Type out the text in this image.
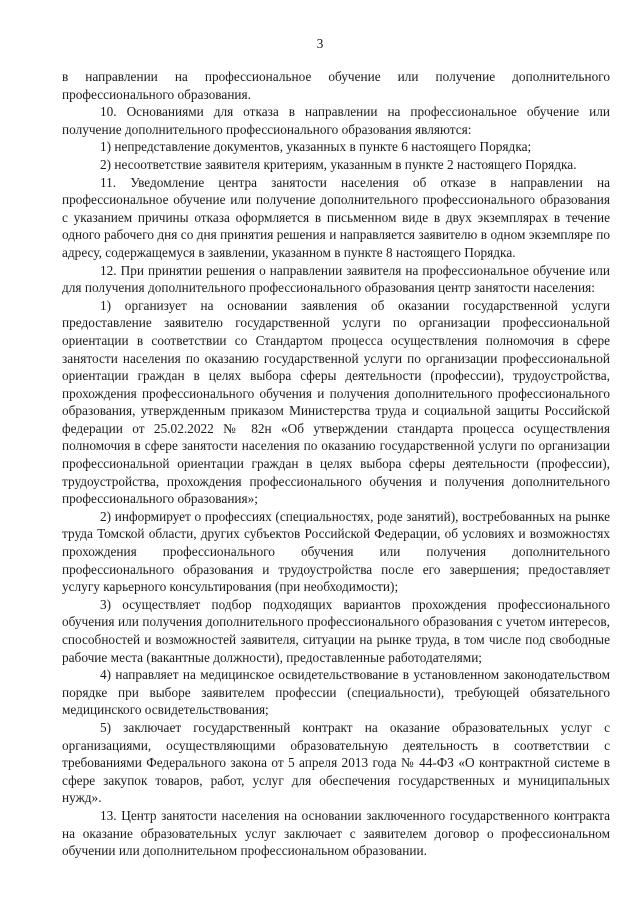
3

в направлении на профессиональное обучение или получение дополнительного профессионального образования.

10. Основаниями для отказа в направлении на профессиональное обучение или получение дополнительного профессионального образования являются:

1) непредставление документов, указанных в пункте 6 настоящего Порядка;

2) несоответствие заявителя критериям, указанным в пункте 2 настоящего Порядка.

11. Уведомление центра занятости населения об отказе в направлении на профессиональное обучение или получение дополнительного профессионального образования с указанием причины отказа оформляется в письменном виде в двух экземплярах в течение одного рабочего дня со дня принятия решения и направляется заявителю в одном экземпляре по адресу, содержащемуся в заявлении, указанном в пункте 8 настоящего Порядка.

12. При принятии решения о направлении заявителя на профессиональное обучение или для получения дополнительного профессионального образования центр занятости населения:

1) организует на основании заявления об оказании государственной услуги предоставление заявителю государственной услуги по организации профессиональной ориентации в соответствии со Стандартом процесса осуществления полномочия в сфере занятости населения по оказанию государственной услуги по организации профессиональной ориентации граждан в целях выбора сферы деятельности (профессии), трудоустройства, прохождения профессионального обучения и получения дополнительного профессионального образования, утвержденным приказом Министерства труда и социальной защиты Российской федерации от 25.02.2022 № 82н «Об утверждении стандарта процесса осуществления полномочия в сфере занятости населения по оказанию государственной услуги по организации профессиональной ориентации граждан в целях выбора сферы деятельности (профессии), трудоустройства, прохождения профессионального обучения и получения дополнительного профессионального образования»;

2) информирует о профессиях (специальностях, роде занятий), востребованных на рынке труда Томской области, других субъектов Российской Федерации, об условиях и возможностях прохождения профессионального обучения или получения дополнительного профессионального образования и трудоустройства после его завершения; предоставляет услугу карьерного консультирования (при необходимости);

3) осуществляет подбор подходящих вариантов прохождения профессионального обучения или получения дополнительного профессионального образования с учетом интересов, способностей и возможностей заявителя, ситуации на рынке труда, в том числе под свободные рабочие места (вакантные должности), предоставленные работодателями;

4) направляет на медицинское освидетельствование в установленном законодательством порядке при выборе заявителем профессии (специальности), требующей обязательного медицинского освидетельствования;

5) заключает государственный контракт на оказание образовательных услуг с организациями, осуществляющими образовательную деятельность в соответствии с требованиями Федерального закона от 5 апреля 2013 года № 44-ФЗ «О контрактной системе в сфере закупок товаров, работ, услуг для обеспечения государственных и муниципальных нужд».

13. Центр занятости населения на основании заключенного государственного контракта на оказание образовательных услуг заключает с заявителем договор о профессиональном обучении или дополнительном профессиональном образовании.
